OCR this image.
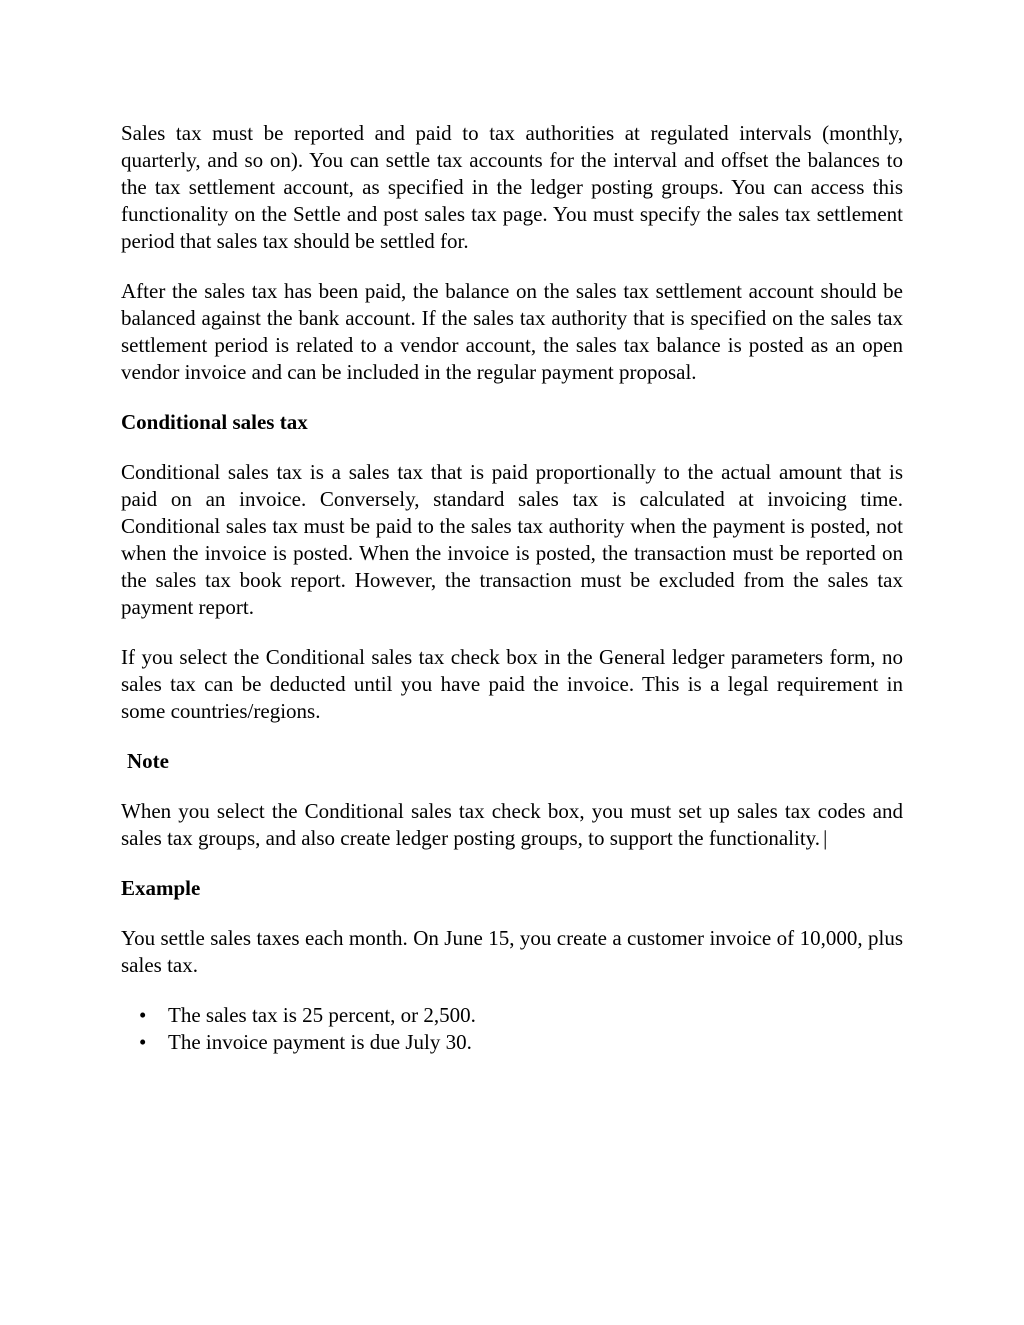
Sales tax must be reported and paid to tax authorities at regulated intervals (monthly, quarterly, and so on). You can settle tax accounts for the interval and offset the balances to the tax settlement account, as specified in the ledger posting groups. You can access this functionality on the Settle and post sales tax page. You must specify the sales tax settlement period that sales tax should be settled for.

After the sales tax has been paid, the balance on the sales tax settlement account should be balanced against the bank account. If the sales tax authority that is specified on the sales tax settlement period is related to a vendor account, the sales tax balance is posted as an open vendor invoice and can be included in the regular payment proposal.

Conditional sales tax

Conditional sales tax is a sales tax that is paid proportionally to the actual amount that is paid on an invoice. Conversely, standard sales tax is calculated at invoicing time. Conditional sales tax must be paid to the sales tax authority when the payment is posted, not when the invoice is posted. When the invoice is posted, the transaction must be reported on the sales tax book report. However, the transaction must be excluded from the sales tax payment report.

If you select the Conditional sales tax check box in the General ledger parameters form, no sales tax can be deducted until you have paid the invoice. This is a legal requirement in some countries/regions.

Note

When you select the Conditional sales tax check box, you must set up sales tax codes and sales tax groups, and also create ledger posting groups, to support the functionality. |

Example

You settle sales taxes each month. On June 15, you create a customer invoice of 10,000, plus sales tax.

• The sales tax is 25 percent, or 2,500.
• The invoice payment is due July 30.
